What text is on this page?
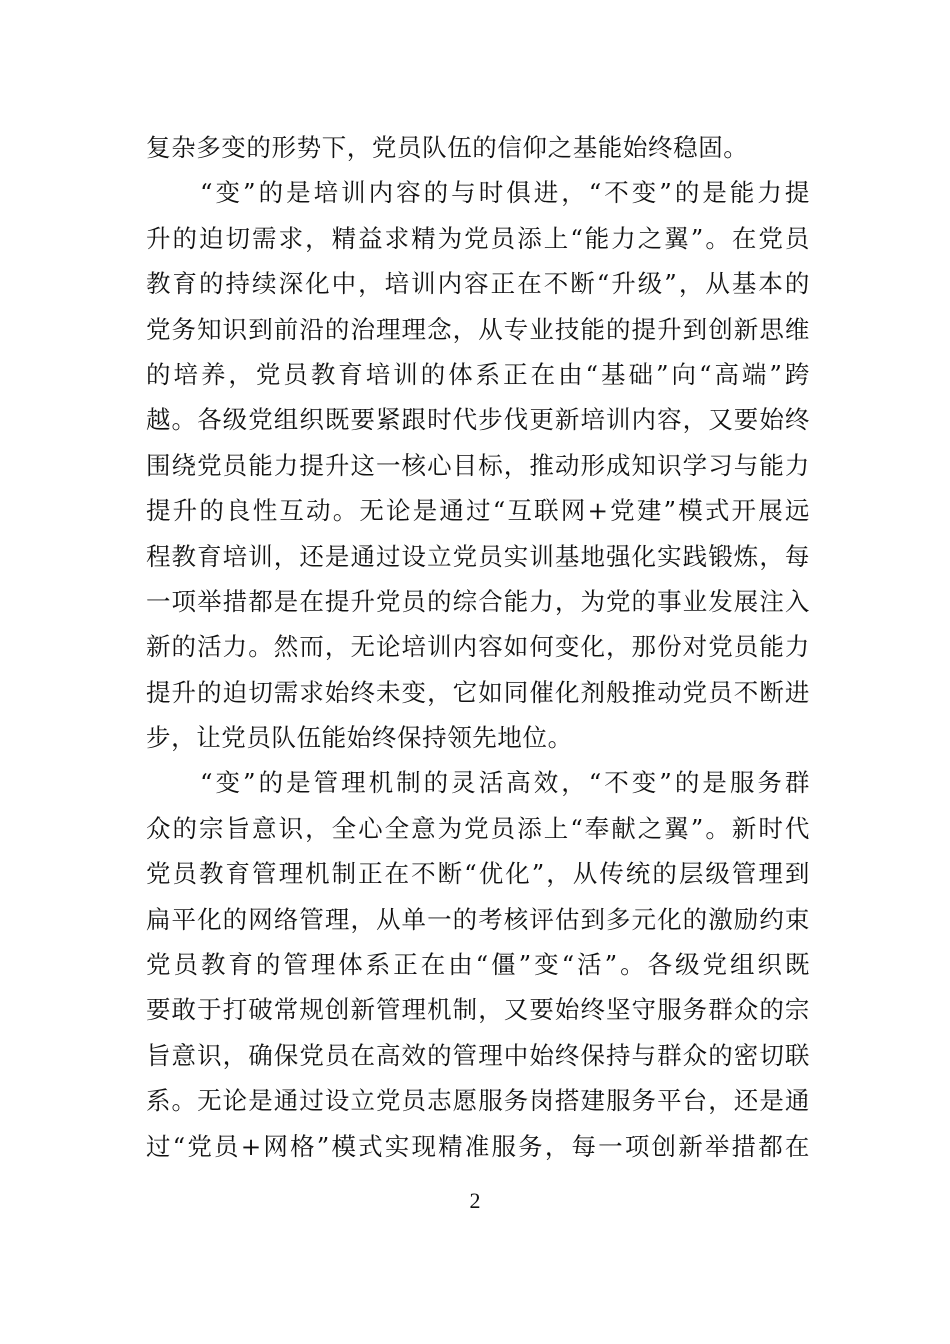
复杂多变的形势下，党员队伍的信仰之基能始终稳固。
“变”的是培训内容的与时俱进，“不变”的是能力提
升的迫切需求，精益求精为党员添上“能力之翼”。在党员
教育的持续深化中，培训内容正在不断“升级”，从基本的
党务知识到前沿的治理理念，从专业技能的提升到创新思维
的培养，党员教育培训的体系正在由“基础”向“高端”跨
越。各级党组织既要紧跟时代步伐更新培训内容，又要始终
围绕党员能力提升这一核心目标，推动形成知识学习与能力
提升的良性互动。无论是通过“互联网+党建”模式开展远
程教育培训，还是通过设立党员实训基地强化实践锻炼，每
一项举措都是在提升党员的综合能力，为党的事业发展注入
新的活力。然而，无论培训内容如何变化，那份对党员能力
提升的迫切需求始终未变，它如同催化剂般推动党员不断进
步，让党员队伍能始终保持领先地位。
“变”的是管理机制的灵活高效，“不变”的是服务群
众的宗旨意识，全心全意为党员添上“奉献之翼”。新时代
党员教育管理机制正在不断“优化”，从传统的层级管理到
扁平化的网络管理，从单一的考核评估到多元化的激励约束
党员教育的管理体系正在由“僵”变“活”。各级党组织既
要敢于打破常规创新管理机制，又要始终坚守服务群众的宗
旨意识，确保党员在高效的管理中始终保持与群众的密切联
系。无论是通过设立党员志愿服务岗搭建服务平台，还是通
过“党员+网格”模式实现精准服务，每一项创新举措都在
2
